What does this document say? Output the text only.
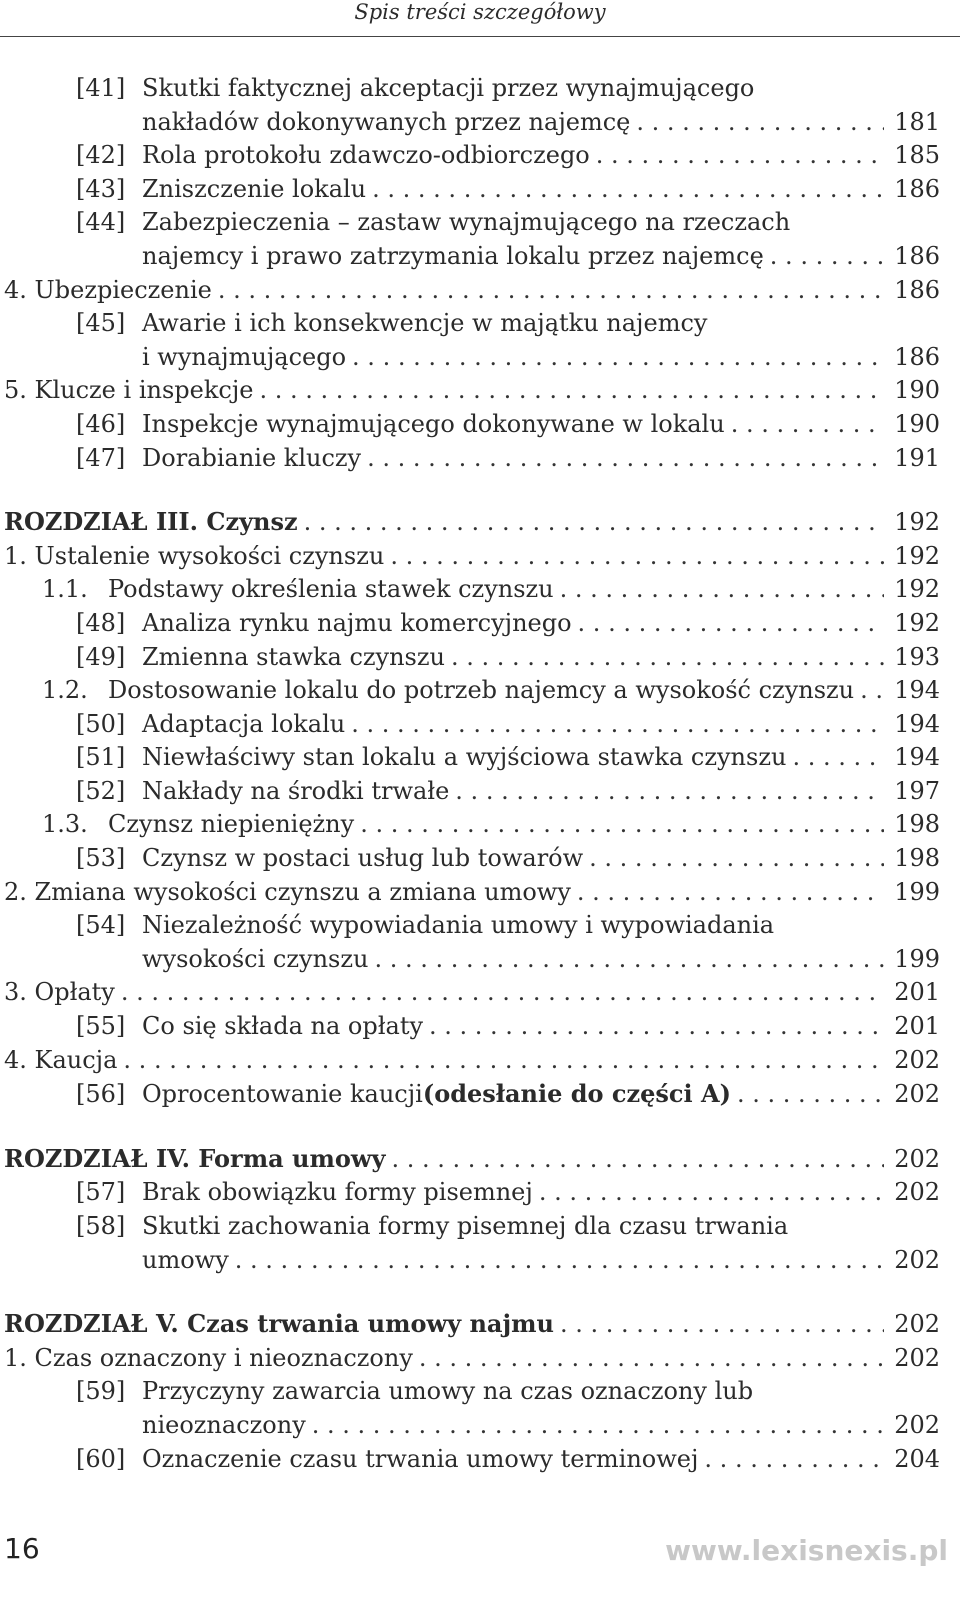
Spis treści szczegółowy
[41] Skutki faktycznej akceptacji przez wynajmującego
nakładów dokonywanych przez najemcę . . .	181
[42] Rola protokołu zdawczo-odbiorczego . . .	185
[43] Zniszczenie lokalu . . .	186
[44] Zabezpieczenia – zastaw wynajmującego na rzeczach
najemcy i prawo zatrzymania lokalu przez najemcę . . .	186
4. Ubezpieczenie . . .	186
[45] Awarie i ich konsekwencje w majątku najemcy
i wynajmującego . . .	186
5. Klucze i inspekcje . . .	190
[46] Inspekcje wynajmującego dokonywane w lokalu . . .	190
[47] Dorabianie kluczy . . .	191
ROZDZIAŁ III. Czynsz . . .	192
1. Ustalenie wysokości czynszu . . .	192
1.1. Podstawy określenia stawek czynszu . . .	192
[48] Analiza rynku najmu komercyjnego . . .	192
[49] Zmienna stawka czynszu . . .	193
1.2. Dostosowanie lokalu do potrzeb najemcy a wysokość czynszu . . . 194
[50] Adaptacja lokalu . . .	194
[51] Niewłaściwy stan lokalu a wyjściowa stawka czynszu . . .	194
[52] Nakłady na środki trwałe . . .	197
1.3. Czynsz niepieniężny . . .	198
[53] Czynsz w postaci usług lub towarów . . .	198
2. Zmiana wysokości czynszu a zmiana umowy . . .	199
[54] Niezależność wypowiadania umowy i wypowiadania
wysokości czynszu . . .	199
3. Opłaty . . .	201
[55] Co się składa na opłaty . . .	201
4. Kaucja . . .	202
[56] Oprocentowanie kaucji (odesłanie do części A) . . .	202
ROZDZIAŁ IV. Forma umowy . . .	202
[57] Brak obowiązku formy pisemnej . . .	202
[58] Skutki zachowania formy pisemnej dla czasu trwania
umowy . . .	202
ROZDZIAŁ V. Czas trwania umowy najmu . . .	202
1. Czas oznaczony i nieoznaczony . . .	202
[59] Przyczyny zawarcia umowy na czas oznaczony lub
nieoznaczony . . .	202
[60] Oznaczenie czasu trwania umowy terminowej . . .	204
16	www.lexisnexis.pl
